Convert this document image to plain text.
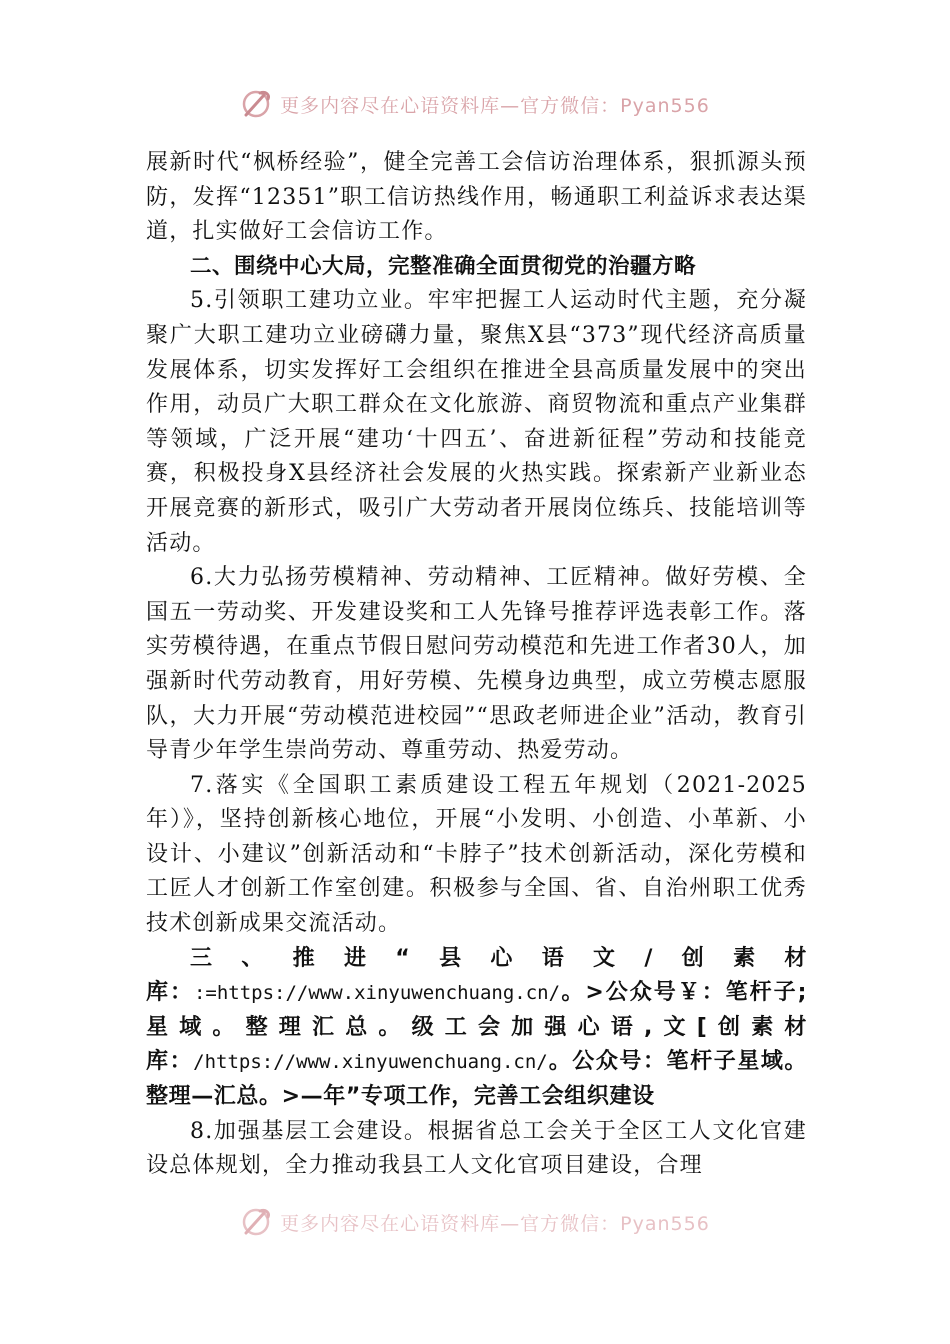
更多内容尽在心语资料库—官方微信：Pyan556

展新时代“枫桥经验”，健全完善工会信访治理体系，狠抓源头预防，发挥“12351”职工信访热线作用，畅通职工利益诉求表达渠道，扎实做好工会信访工作。

二、围绕中心大局，完整准确全面贯彻党的治疆方略

5.引领职工建功立业。牢牢把握工人运动时代主题，充分凝聚广大职工建功立业磅礴力量，聚焦X县“373”现代经济高质量发展体系，切实发挥好工会组织在推进全县高质量发展中的突出作用，动员广大职工群众在文化旅游、商贸物流和重点产业集群等领域，广泛开展“建功‘十四五’、奋进新征程”劳动和技能竞赛，积极投身X县经济社会发展的火热实践。探索新产业新业态开展竞赛的新形式，吸引广大劳动者开展岗位练兵、技能培训等活动。

6.大力弘扬劳模精神、劳动精神、工匠精神。做好劳模、全国五一劳动奖、开发建设奖和工人先锋号推荐评选表彰工作。落实劳模待遇，在重点节假日慰问劳动模范和先进工作者30人，加强新时代劳动教育，用好劳模、先模身边典型，成立劳模志愿服队，大力开展“劳动模范进校园”“思政老师进企业”活动，教育引导青少年学生崇尚劳动、尊重劳动、热爱劳动。

7.落实《全国职工素质建设工程五年规划（2021-2025年）》，坚持创新核心地位，开展“小发明、小创造、小革新、小设计、小建议”创新活动和“卡脖子”技术创新活动，深化劳模和工匠人才创新工作室创建。积极参与全国、省、自治州职工优秀技术创新成果交流活动。

三、推进“县心语文/创素材库：:=https://www.xinyuwenchuang.cn/。>公众号￥：笔杆子;星域。整理汇总。级工会加强心语,文[创素材库：/https://www.xinyuwenchuang.cn/。公众号：笔杆子星域。整理—汇总。>—年”专项工作，完善工会组织建设

8.加强基层工会建设。根据省总工会关于全区工人文化官建设总体规划，全力推动我县工人文化官项目建设，合理

更多内容尽在心语资料库—官方微信：Pyan556
